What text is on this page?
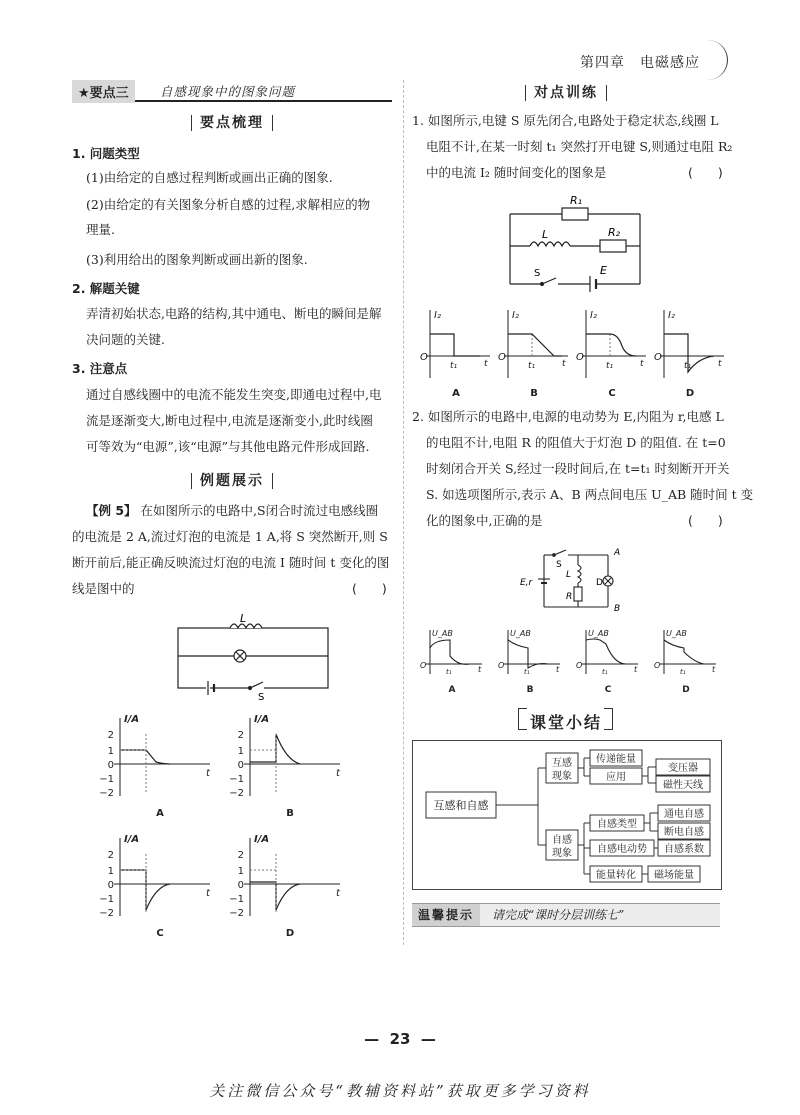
第四章　电磁感应
★要点三	自感现象中的图象问题
要点梳理
1. 问题类型
(1)由给定的自感过程判断或画出正确的图象.
(2)由给定的有关图象分析自感的过程,求解相应的物
理量.
(3)利用给出的图象判断或画出新的图象.
2. 解题关键
弄清初始状态,电路的结构,其中通电、断电的瞬间是解
决问题的关键.
3. 注意点
通过自感线圈中的电流不能发生突变,即通电过程中,电
流是逐渐变大,断电过程中,电流是逐渐变小,此时线圈
可等效为“电源”,该“电源”与其他电路元件形成回路.
例题展示
【例 5】 在如图所示的电路中,S闭合时流过电感线圈
的电流是 2 A,流过灯泡的电流是 1 A,将 S 突然断开,则 S
断开前后,能正确反映流过灯泡的电流 I 随时间 t 变化的图
线是图中的	(　　)
L
S
I/A
t
2
1
0
−1
−2
A
I/A
t
2
1
0
−1
−2
B
I/A
t
2
1
0
−1
−2
C
I/A
t
2
1
0
−1
−2
D
对点训练
1. 如图所示,电键 S 原先闭合,电路处于稳定状态,线圈 L
电阻不计,在某一时刻 t₁ 突然打开电键 S,则通过电阻 R₂
中的电流 I₂ 随时间变化的图象是	(　　)
R₁
L	R₂
S	E
I₂
O
t
t₁
A
I₂
O
t
t₁
B
I₂
O
t
t₁
C
I₂
O
t
t₁
D
2. 如图所示的电路中,电源的电动势为 E,内阻为 r,电感 L
的电阻不计,电阻 R 的阻值大于灯泡 D 的阻值. 在 t=0
时刻闭合开关 S,经过一段时间后,在 t=t₁ 时刻断开开关
S. 如选项图所示,表示 A、B 两点间电压 U_AB 随时间 t 变
化的图象中,正确的是	(　　)
S
A
B
L
D
R
E,r
U_AB
O	t
t₁
A
U_AB
O	t
t₁
B
U_AB
O	t
t₁
C
U_AB
O	t
t₁
D
课堂小结
互感和自感
互感
现象
传递能量
应用
变压器
磁性天线
自感
现象
自感类型
自感电动势
能量转化
通电自感
断电自感
自感系数
磁场能量
温馨提示	请完成“课时分层训练七”
—  23  —
关注微信公众号“教辅资料站”获取更多学习资料
